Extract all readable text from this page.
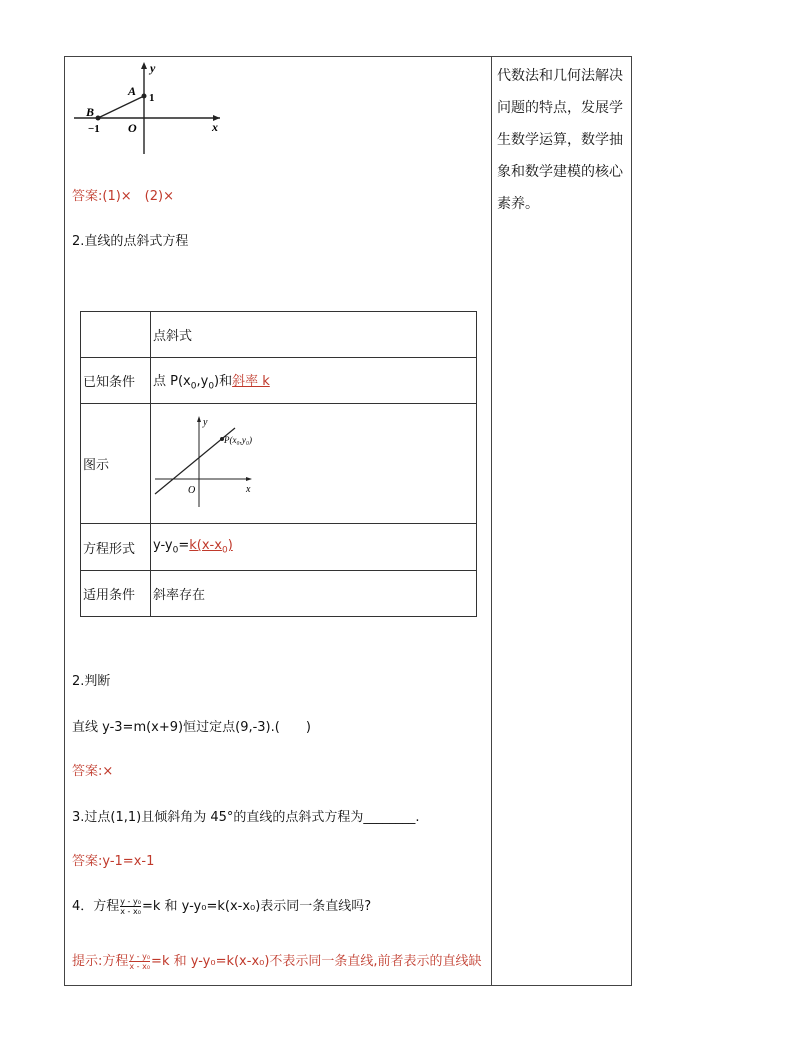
代数法和几何法解决问题的特点，发展学生数学运算，数学抽象和数学建模的核心素养。
y
x
A
B
O
1
−1
答案:(1)×　(2)×
2.直线的点斜式方程
	点斜式
已知条件	点 $P(x_0,y_0)$和斜率 k
图示	y
x
O
P(x₀,y₀)

方程形式	$y-y_0=k(x-x_0)$
适用条件	斜率存在
2.判断
直线 y-3=m(x+9)恒过定点(9,-3).(　　)
答案:×
3.过点(1,1)且倾斜角为 45°的直线的点斜式方程为________.
答案:y-1=x-1
4．方程 $\frac{\text{y - y₀}}{\text{x - x₀}} =k$ 和 y-y₀=k(x-x₀)表示同一条直线吗?
提示:方程 $\frac{\text{y - y₀}}{\text{x - x₀}} =k$ 和 y-y₀=k(x-x₀)不表示同一条直线,前者表示的直线缺
